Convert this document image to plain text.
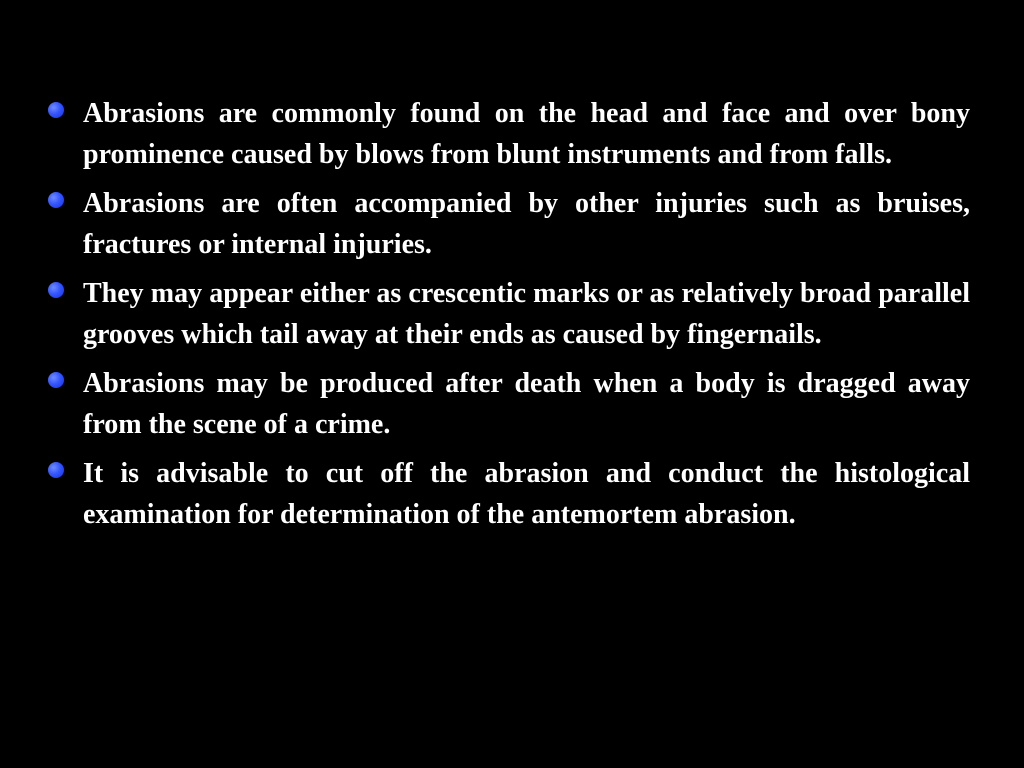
Abrasions are commonly found on the head and face and over bony prominence caused by blows from blunt instruments and from falls.
Abrasions are often accompanied by other injuries such as bruises, fractures or internal injuries.
They may appear either as crescentic marks or as relatively broad parallel grooves which tail away at their ends as caused by fingernails.
Abrasions may be produced after death when a body is dragged away from the scene of a crime.
It is advisable to cut off the abrasion and conduct the histological examination for determination of the antemortem abrasion.
